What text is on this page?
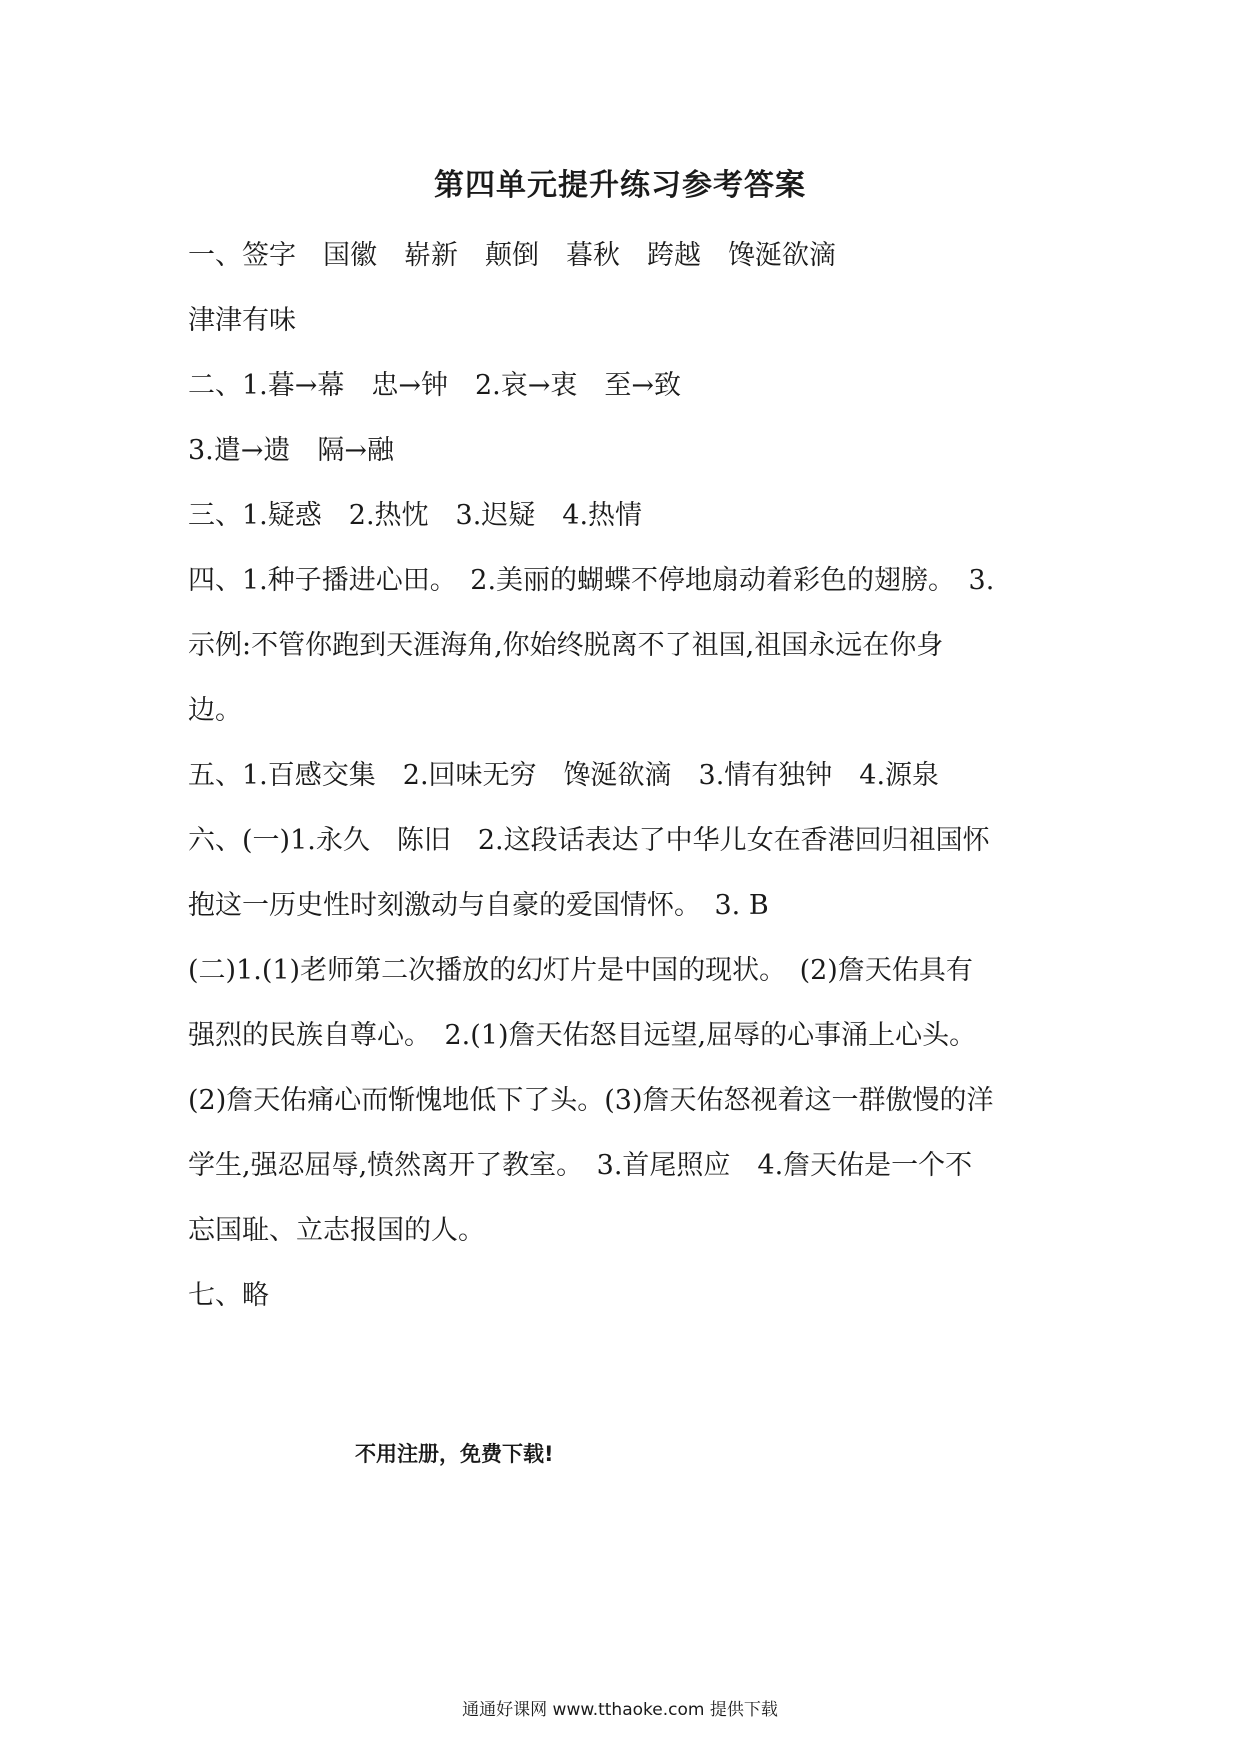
第四单元提升练习参考答案
一、签字　国徽　崭新　颠倒　暮秋　跨越　馋涎欲滴
津津有味
二、1.暮→幕　忠→钟　2.哀→衷　至→致
3.遣→遗　隔→融
三、1.疑惑　2.热忱　3.迟疑　4.热情
四、1.种子播进心田。　2.美丽的蝴蝶不停地扇动着彩色的翅膀。　3.
示例:不管你跑到天涯海角,你始终脱离不了祖国,祖国永远在你身
边。
五、1.百感交集　2.回味无穷　馋涎欲滴　3.情有独钟　4.源泉
六、(一)1.永久　陈旧　2.这段话表达了中华儿女在香港回归祖国怀
抱这一历史性时刻激动与自豪的爱国情怀。　3. B
(二)1.(1)老师第二次播放的幻灯片是中国的现状。　(2)詹天佑具有
强烈的民族自尊心。　2.(1)詹天佑怒目远望,屈辱的心事涌上心头。
(2)詹天佑痛心而惭愧地低下了头。(3)詹天佑怒视着这一群傲慢的洋
学生,强忍屈辱,愤然离开了教室。　3.首尾照应　4.詹天佑是一个不
忘国耻、立志报国的人。
七、略
不用注册，免费下载!
通通好课网 www.tthaoke.com 提供下载
